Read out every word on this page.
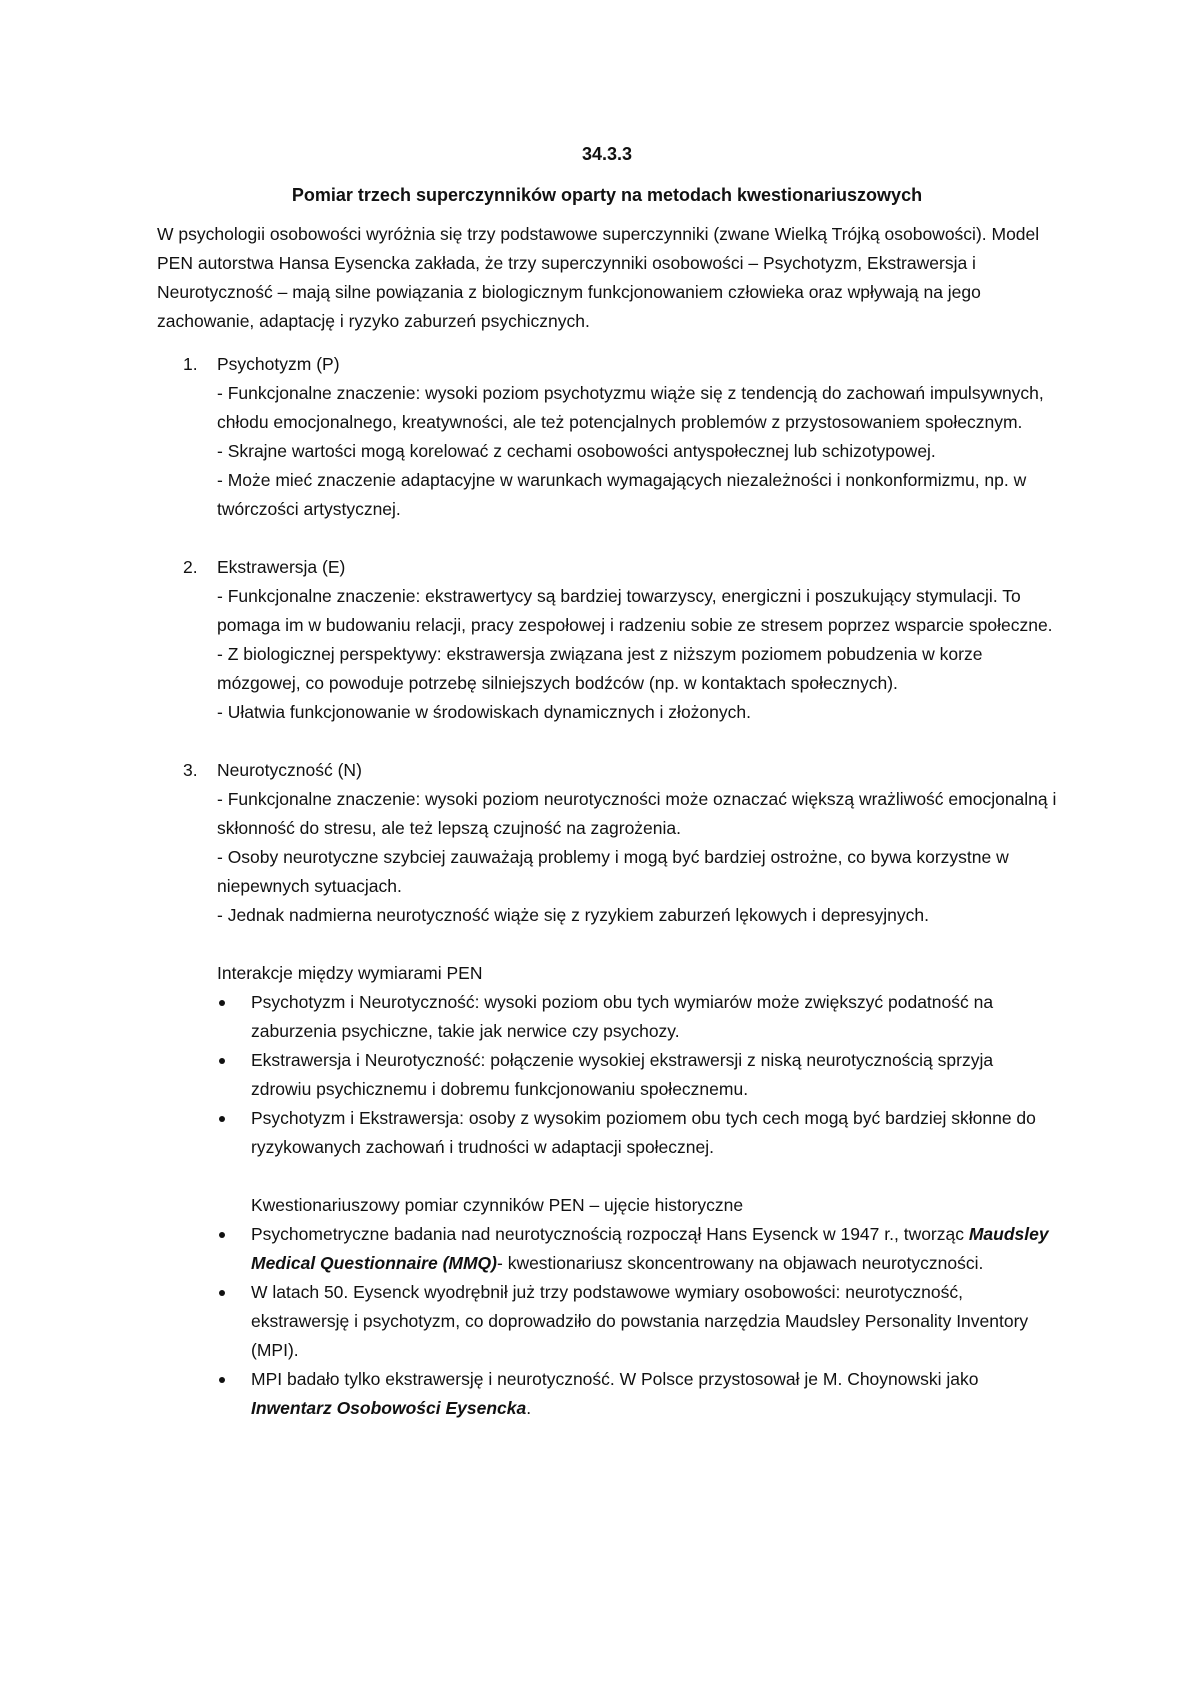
34.3.3
Pomiar trzech superczynników oparty na metodach kwestionariuszowych

W psychologii osobowości wyróżnia się trzy podstawowe superczynniki (zwane Wielką Trójką osobowości). Model PEN autorstwa Hansa Eysencka zakłada, że trzy superczynniki osobowości – Psychotyzm, Ekstrawersja i Neurotyczność – mają silne powiązania z biologicznym funkcjonowaniem człowieka oraz wpływają na jego zachowanie, adaptację i ryzyko zaburzeń psychicznych.

1. Psychotyzm (P)
- Funkcjonalne znaczenie: wysoki poziom psychotyzmu wiąże się z tendencją do zachowań impulsywnych, chłodu emocjonalnego, kreatywności, ale też potencjalnych problemów z przystosowaniem społecznym.
- Skrajne wartości mogą korelować z cechami osobowości antyspołecznej lub schizotypowej.
- Może mieć znaczenie adaptacyjne w warunkach wymagających niezależności i nonkonformizmu, np. w twórczości artystycznej.
2. Ekstrawersja (E)
- Funkcjonalne znaczenie: ekstrawertycy są bardziej towarzyscy, energiczni i poszukujący stymulacji. To pomaga im w budowaniu relacji, pracy zespołowej i radzeniu sobie ze stresem poprzez wsparcie społeczne.
- Z biologicznej perspektywy: ekstrawersja związana jest z niższym poziomem pobudzenia w korze mózgowej, co powoduje potrzebę silniejszych bodźców (np. w kontaktach społecznych).
- Ułatwia funkcjonowanie w środowiskach dynamicznych i złożonych.
3. Neurotyczność (N)
- Funkcjonalne znaczenie: wysoki poziom neurotyczności może oznaczać większą wrażliwość emocjonalną i skłonność do stresu, ale też lepszą czujność na zagrożenia.
- Osoby neurotyczne szybciej zauważają problemy i mogą być bardziej ostrożne, co bywa korzystne w niepewnych sytuacjach.
- Jednak nadmierna neurotyczność wiąże się z ryzykiem zaburzeń lękowych i depresyjnych.
Interakcje między wymiarami PEN
Psychotyzm i Neurotyczność: wysoki poziom obu tych wymiarów może zwiększyć podatność na zaburzenia psychiczne, takie jak nerwice czy psychozy.
Ekstrawersja i Neurotyczność: połączenie wysokiej ekstrawersji z niską neurotycznością sprzyja zdrowiu psychicznemu i dobremu funkcjonowaniu społecznemu.
Psychotyzm i Ekstrawersja: osoby z wysokim poziomem obu tych cech mogą być bardziej skłonne do ryzykowanych zachowań i trudności w adaptacji społecznej.
Kwestionariuszowy pomiar czynników PEN – ujęcie historyczne
Psychometryczne badania nad neurotycznością rozpoczął Hans Eysenck w 1947 r., tworząc Maudsley Medical Questionnaire (MMQ)- kwestionariusz skoncentrowany na objawach neurotyczności.
W latach 50. Eysenck wyodrębnił już trzy podstawowe wymiary osobowości: neurotyczność, ekstrawersję i psychotyzm, co doprowadziło do powstania narzędzia Maudsley Personality Inventory (MPI).
MPI badało tylko ekstrawersję i neurotyczność. W Polsce przystosował je M. Choynowski jako Inwentarz Osobowości Eysencka.
